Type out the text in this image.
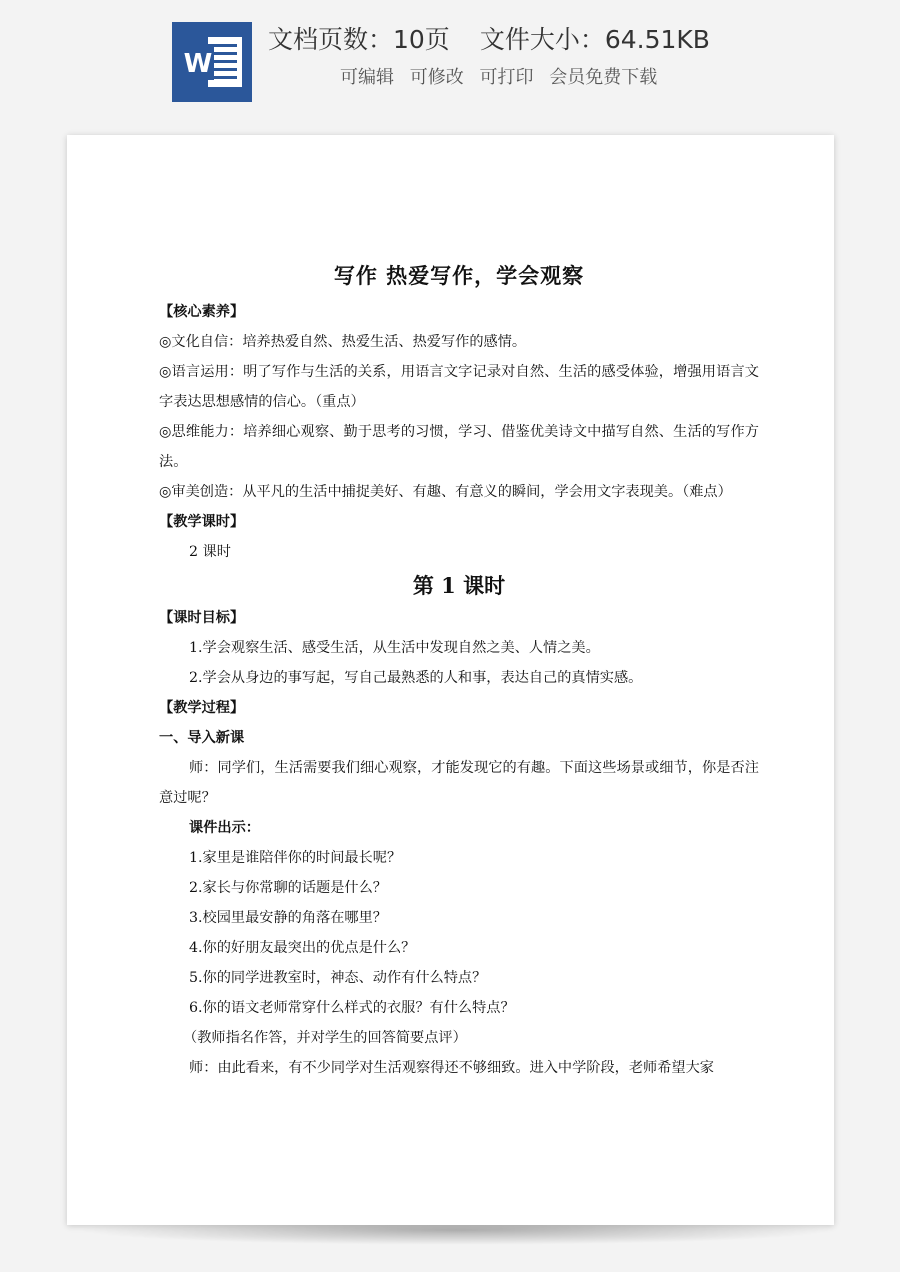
W
文档页数：10页 文件大小：64.51KB
可编辑 可修改 可打印 会员免费下载

写作 热爱写作，学会观察

【核心素养】

◎文化自信：培养热爱自然、热爱生活、热爱写作的感情。

◎语言运用：明了写作与生活的关系，用语言文字记录对自然、生活的感受体验，增强用语言文字表达思想感情的信心。（重点）

◎思维能力：培养细心观察、勤于思考的习惯，学习、借鉴优美诗文中描写自然、生活的写作方法。

◎审美创造：从平凡的生活中捕捉美好、有趣、有意义的瞬间，学会用文字表现美。（难点）

【教学课时】

2 课时

第 1 课时

【课时目标】

1.学会观察生活、感受生活，从生活中发现自然之美、人情之美。

2.学会从身边的事写起，写自己最熟悉的人和事，表达自己的真情实感。

【教学过程】

一、导入新课

师：同学们，生活需要我们细心观察，才能发现它的有趣。下面这些场景或细节，你是否注意过呢？

课件出示：

1.家里是谁陪伴你的时间最长呢？

2.家长与你常聊的话题是什么？

3.校园里最安静的角落在哪里？

4.你的好朋友最突出的优点是什么？

5.你的同学进教室时，神态、动作有什么特点？

6.你的语文老师常穿什么样式的衣服？有什么特点？

（教师指名作答，并对学生的回答简要点评）

师：由此看来，有不少同学对生活观察得还不够细致。进入中学阶段，老师希望大家
